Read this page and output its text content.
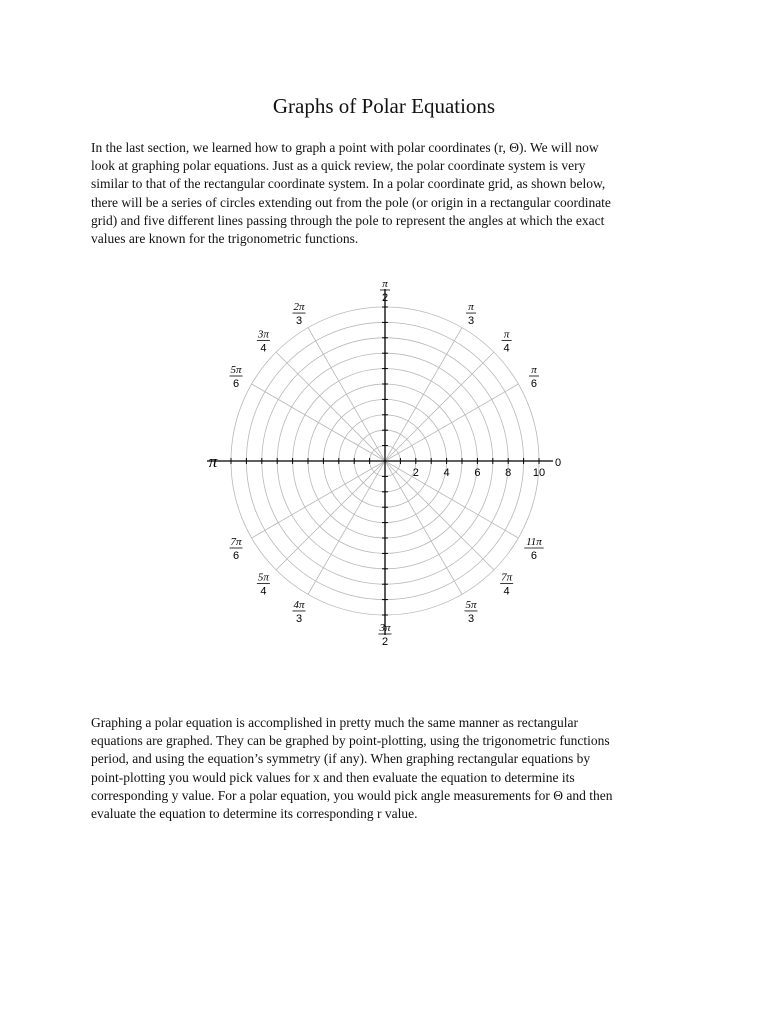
Graphs of Polar Equations

In the last section, we learned how to graph a point with polar coordinates (r, Θ). We will now
look at graphing polar equations. Just as a quick review, the polar coordinate system is very
similar to that of the rectangular coordinate system. In a polar coordinate grid, as shown below,
there will be a series of circles extending out from the pole (or origin in a rectangular coordinate
grid) and five different lines passing through the pole to represent the angles at which the exact
values are known for the trigonometric functions.

2 4 6 8 10
π
2
π
3
π
4
π
6
2π
3
3π
4
5π
6
7π
6
5π
4
4π
3
3π
2
5π
3
7π
4
11π
6
π	0

Graphing a polar equation is accomplished in pretty much the same manner as rectangular
equations are graphed. They can be graphed by point-plotting, using the trigonometric functions
period, and using the equation’s symmetry (if any). When graphing rectangular equations by
point-plotting you would pick values for x and then evaluate the equation to determine its
corresponding y value. For a polar equation, you would pick angle measurements for Θ and then
evaluate the equation to determine its corresponding r value.
